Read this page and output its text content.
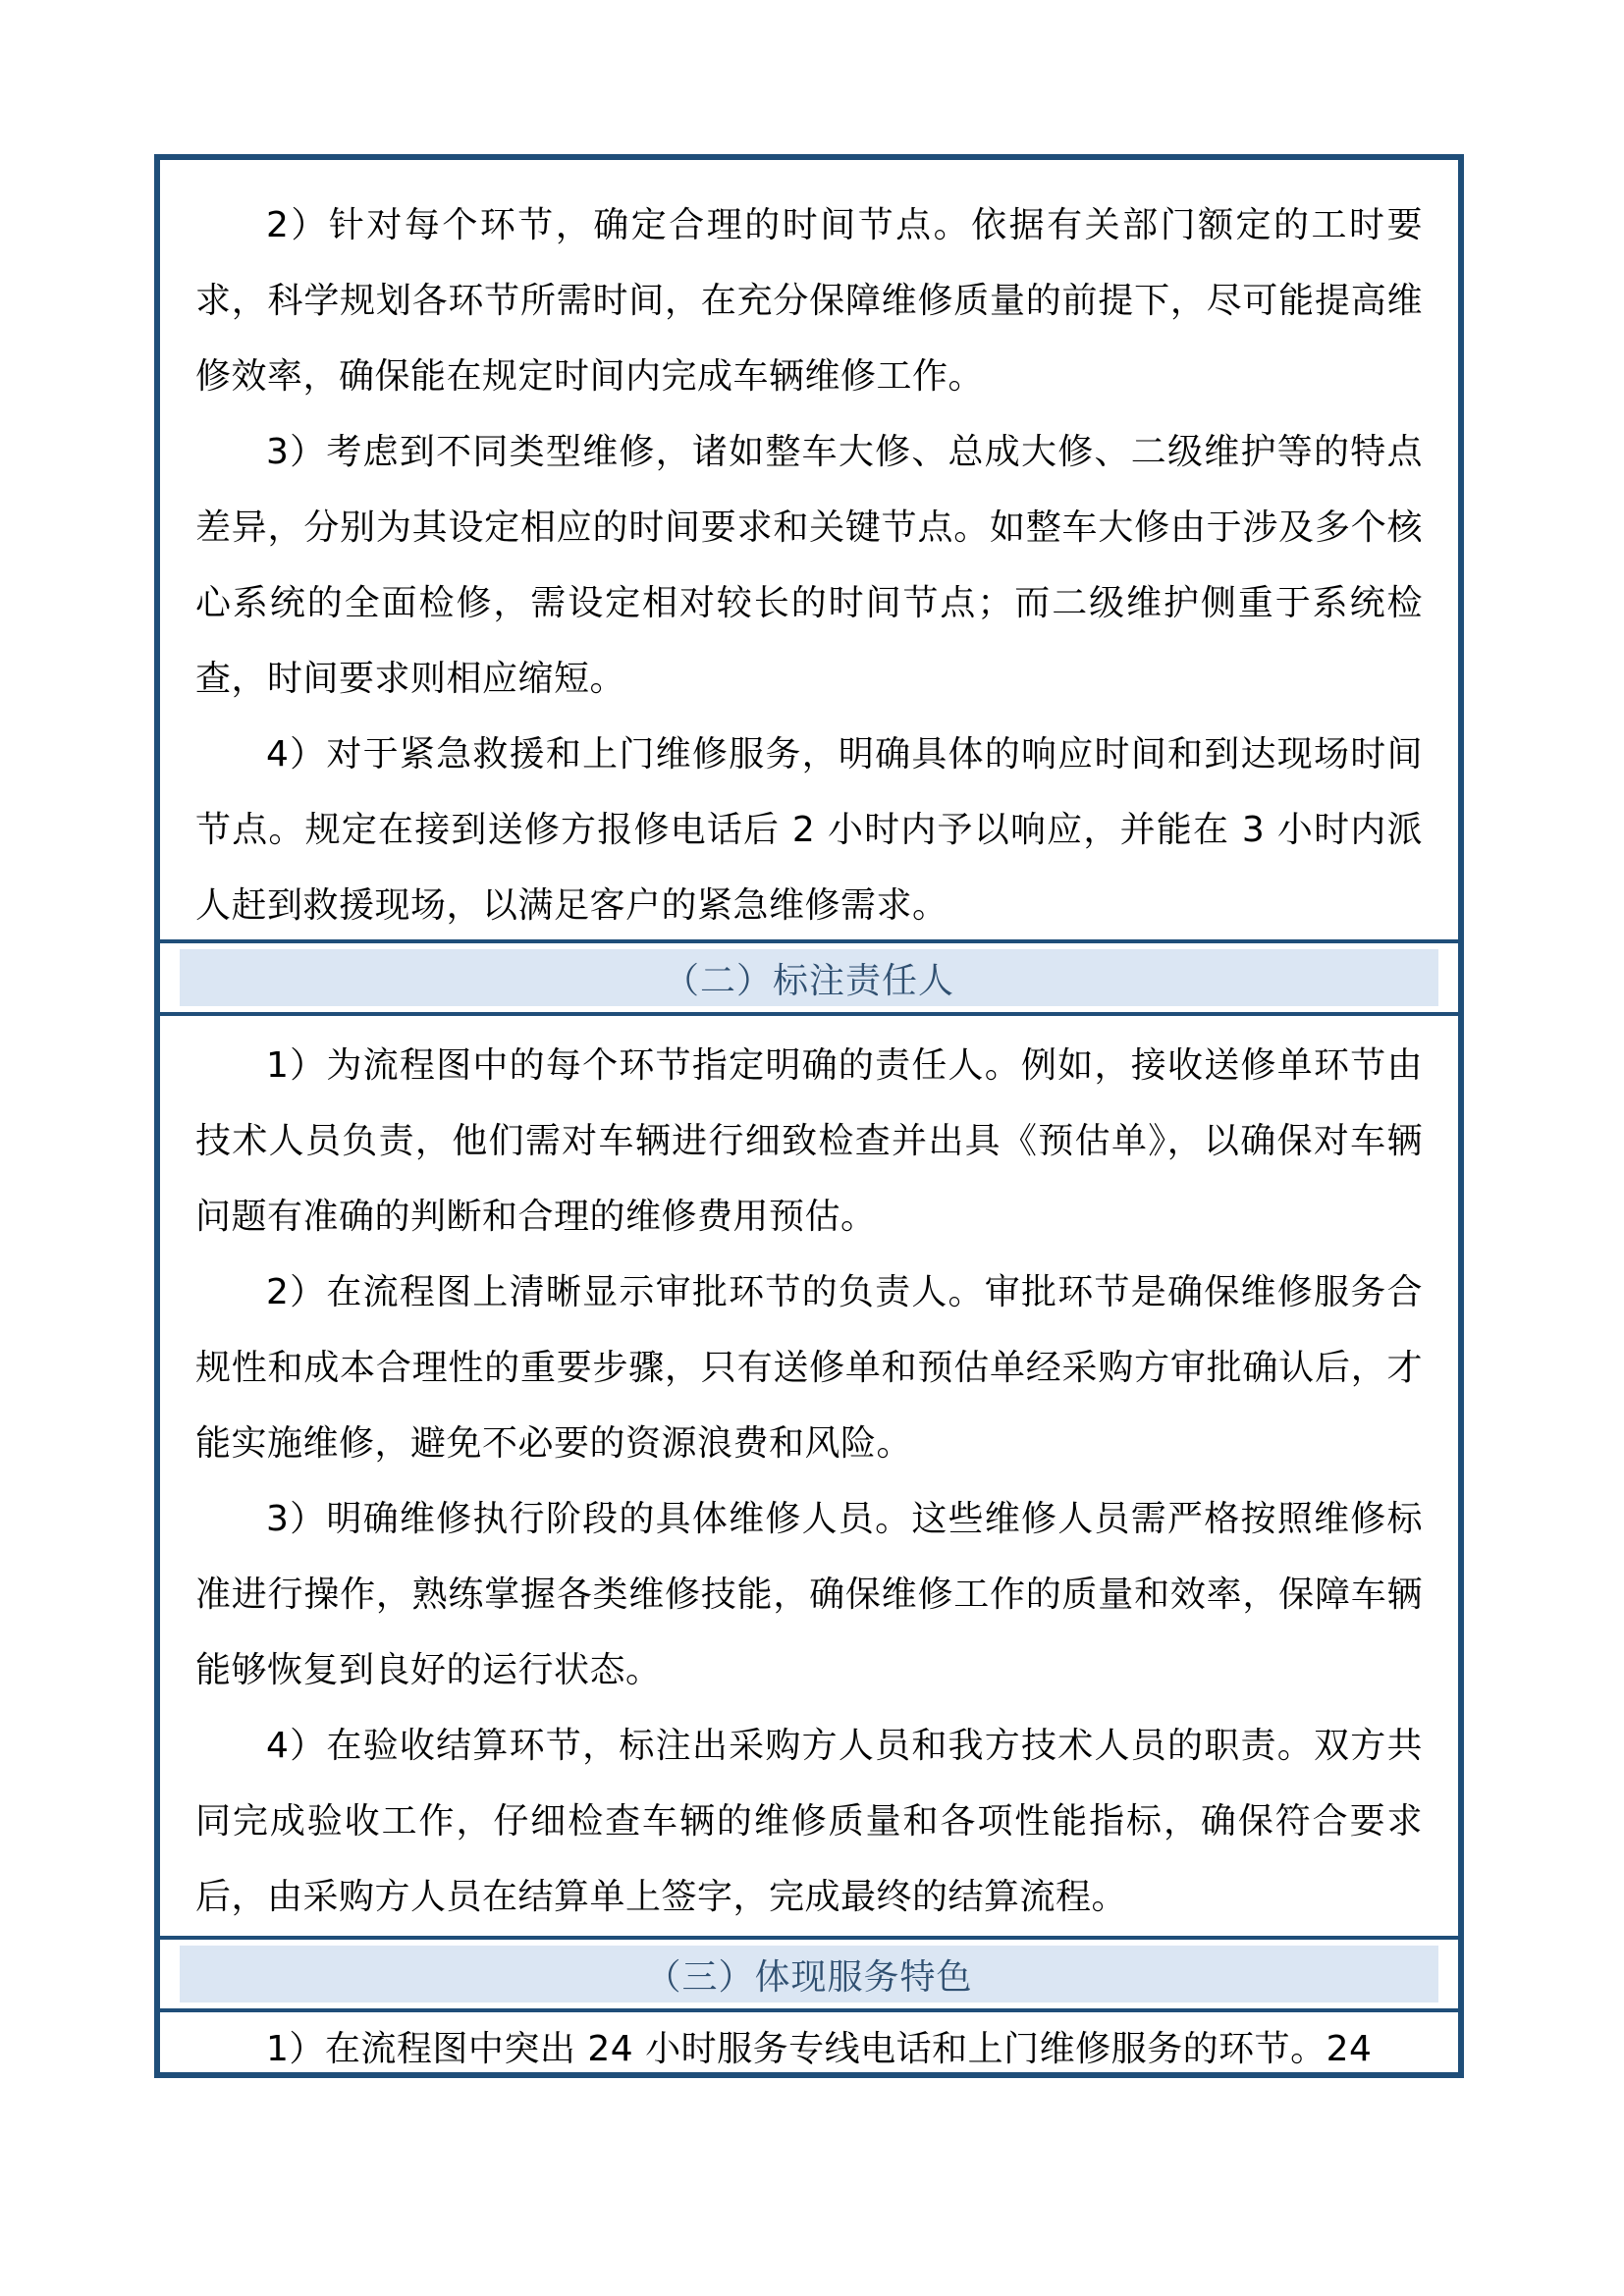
2）针对每个环节，确定合理的时间节点。依据有关部门额定的工时要求，科学规划各环节所需时间，在充分保障维修质量的前提下，尽可能提高维修效率，确保能在规定时间内完成车辆维修工作。

3）考虑到不同类型维修，诸如整车大修、总成大修、二级维护等的特点差异，分别为其设定相应的时间要求和关键节点。如整车大修由于涉及多个核心系统的全面检修，需设定相对较长的时间节点；而二级维护侧重于系统检查，时间要求则相应缩短。

4）对于紧急救援和上门维修服务，明确具体的响应时间和到达现场时间节点。规定在接到送修方报修电话后 2 小时内予以响应，并能在 3 小时内派人赶到救援现场，以满足客户的紧急维修需求。

（二）标注责任人

1）为流程图中的每个环节指定明确的责任人。例如，接收送修单环节由技术人员负责，他们需对车辆进行细致检查并出具《预估单》，以确保对车辆问题有准确的判断和合理的维修费用预估。

2）在流程图上清晰显示审批环节的负责人。审批环节是确保维修服务合规性和成本合理性的重要步骤，只有送修单和预估单经采购方审批确认后，才能实施维修，避免不必要的资源浪费和风险。

3）明确维修执行阶段的具体维修人员。这些维修人员需严格按照维修标准进行操作，熟练掌握各类维修技能，确保维修工作的质量和效率，保障车辆能够恢复到良好的运行状态。

4）在验收结算环节，标注出采购方人员和我方技术人员的职责。双方共同完成验收工作，仔细检查车辆的维修质量和各项性能指标，确保符合要求后，由采购方人员在结算单上签字，完成最终的结算流程。

（三）体现服务特色

1）在流程图中突出 24 小时服务专线电话和上门维修服务的环节。24
